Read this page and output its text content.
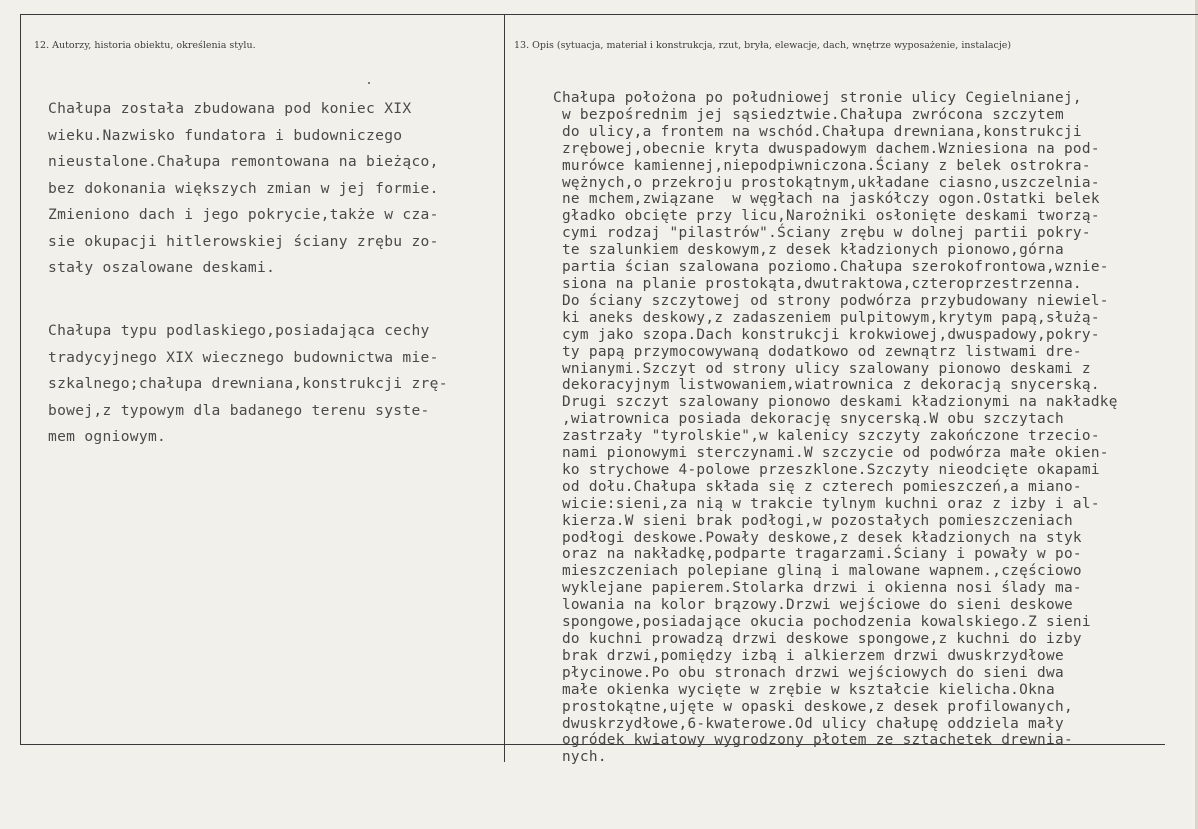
12. Autorzy, historia obiektu, określenia stylu.	13. Opis (sytuacja, materiał i konstrukcja, rzut, bryła, elewacje, dach, wnętrze wyposażenie, instalacje)
Chałupa została zbudowana pod koniec XIX
wieku.Nazwisko fundatora i budowniczego
nieustalone.Chałupa remontowana na bieżąco,
bez dokonania większych zmian w jej formie.
Zmieniono dach i jego pokrycie,także w cza-
sie okupacji hitlerowskiej ściany zrębu zo-
stały oszalowane deskami.
Chałupa typu podlaskiego,posiadająca cechy
tradycyjnego XIX wiecznego budownictwa mie-
szkalnego;chałupa drewniana,konstrukcji zrę-
bowej,z typowym dla badanego terenu syste-
mem ogniowym.
Chałupa położona po południowej stronie ulicy Cegielnianej,
w bezpośrednim jej sąsiedztwie.Chałupa zwrócona szczytem
do ulicy,a frontem na wschód.Chałupa drewniana,konstrukcji
zrębowej,obecnie kryta dwuspadowym dachem.Wzniesiona na pod-
murówce kamiennej,niepodpiwniczona.Ściany z belek ostrokra-
wężnych,o przekroju prostokątnym,układane ciasno,uszczelnia-
ne mchem,związane  w węgłach na jaskółczy ogon.Ostatki belek
gładko obcięte przy licu,Narożniki osłonięte deskami tworzą-
cymi rodzaj "pilastrów".Ściany zrębu w dolnej partii pokry-
te szalunkiem deskowym,z desek kładzionych pionowo,górna
partia ścian szalowana poziomo.Chałupa szerokofrontowa,wznie-
siona na planie prostokąta,dwutraktowa,czteroprzestrzenna.
Do ściany szczytowej od strony podwórza przybudowany niewiel-
ki aneks deskowy,z zadaszeniem pulpitowym,krytym papą,służą-
cym jako szopa.Dach konstrukcji krokwiowej,dwuspadowy,pokry-
ty papą przymocowywaną dodatkowo od zewnątrz listwami dre-
wnianymi.Szczyt od strony ulicy szalowany pionowo deskami z
dekoracyjnym listwowaniem,wiatrownica z dekoracją snycerską.
Drugi szczyt szalowany pionowo deskami kładzionymi na nakładkę
,wiatrownica posiada dekorację snycerską.W obu szczytach
zastrzały "tyrolskie",w kalenicy szczyty zakończone trzecio-
nami pionowymi sterczynami.W szczycie od podwórza małe okien-
ko strychowe 4-polowe przeszklone.Szczyty nieodcięte okapami
od dołu.Chałupa składa się z czterech pomieszczeń,a miano-
wicie:sieni,za nią w trakcie tylnym kuchni oraz z izby i al-
kierza.W sieni brak podłogi,w pozostałych pomieszczeniach
podłogi deskowe.Powały deskowe,z desek kładzionych na styk
oraz na nakładkę,podparte tragarzami.Ściany i powały w po-
mieszczeniach polepiane gliną i malowane wapnem.,częściowo
wyklejane papierem.Stolarka drzwi i okienna nosi ślady ma-
lowania na kolor brązowy.Drzwi wejściowe do sieni deskowe
spongowe,posiadające okucia pochodzenia kowalskiego.Z sieni
do kuchni prowadzą drzwi deskowe spongowe,z kuchni do izby
brak drzwi,pomiędzy izbą i alkierzem drzwi dwuskrzydłowe
płycinowe.Po obu stronach drzwi wejściowych do sieni dwa
małe okienka wycięte w zrębie w kształcie kielicha.Okna
prostokątne,ujęte w opaski deskowe,z desek profilowanych,
dwuskrzydłowe,6-kwaterowe.Od ulicy chałupę oddziela mały
ogródek kwiatowy wygrodzony płotem ze sztachetek drewnia-
nych.
